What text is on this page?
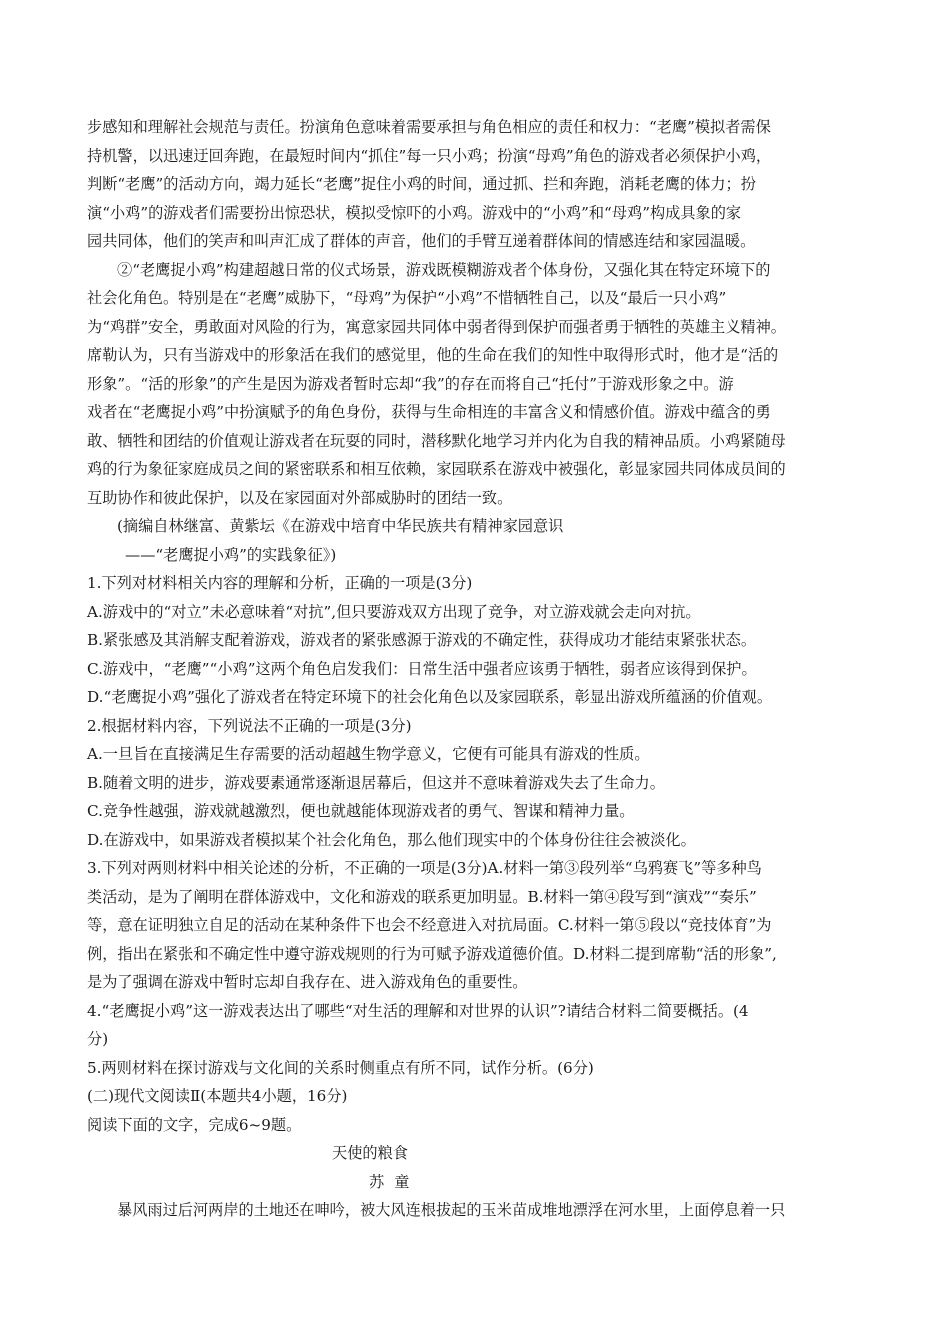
步感知和理解社会规范与责任。扮演角色意味着需要承担与角色相应的责任和权力：“老鹰”模拟者需保

持机警，以迅速迂回奔跑，在最短时间内“抓住”每一只小鸡；扮演“母鸡”角色的游戏者必须保护小鸡，

判断“老鹰”的活动方向，竭力延长“老鹰”捉住小鸡的时间，通过抓、拦和奔跑，消耗老鹰的体力；扮

演“小鸡”的游戏者们需要扮出惊恐状，模拟受惊吓的小鸡。游戏中的“小鸡”和“母鸡”构成具象的家

园共同体，他们的笑声和叫声汇成了群体的声音，他们的手臂互递着群体间的情感连结和家园温暖。

②“老鹰捉小鸡”构建超越日常的仪式场景，游戏既模糊游戏者个体身份，又强化其在特定环境下的

社会化角色。特别是在“老鹰”威胁下，“母鸡”为保护“小鸡”不惜牺牲自己，以及“最后一只小鸡”

为“鸡群”安全，勇敢面对风险的行为，寓意家园共同体中弱者得到保护而强者勇于牺牲的英雄主义精神。

席勒认为，只有当游戏中的形象活在我们的感觉里，他的生命在我们的知性中取得形式时，他才是“活的

形象”。“活的形象”的产生是因为游戏者暂时忘却“我”的存在而将自己“托付”于游戏形象之中。游

戏者在“老鹰捉小鸡”中扮演赋予的角色身份，获得与生命相连的丰富含义和情感价值。游戏中蕴含的勇

敢、牺牲和团结的价值观让游戏者在玩耍的同时，潜移默化地学习并内化为自我的精神品质。小鸡紧随母

鸡的行为象征家庭成员之间的紧密联系和相互依赖，家园联系在游戏中被强化，彰显家园共同体成员间的

互助协作和彼此保护，以及在家园面对外部威胁时的团结一致。

(摘编自林继富、黄紫坛《在游戏中培育中华民族共有精神家园意识

——“老鹰捉小鸡”的实践象征》)

1.下列对材料相关内容的理解和分析，正确的一项是(3分)

A.游戏中的“对立”未必意味着“对抗”,但只要游戏双方出现了竞争，对立游戏就会走向对抗。

B.紧张感及其消解支配着游戏，游戏者的紧张感源于游戏的不确定性，获得成功才能结束紧张状态。

C.游戏中，“老鹰”“小鸡”这两个角色启发我们：日常生活中强者应该勇于牺牲，弱者应该得到保护。

D.“老鹰捉小鸡”强化了游戏者在特定环境下的社会化角色以及家园联系，彰显出游戏所蕴涵的价值观。

2.根据材料内容，下列说法不正确的一项是(3分)

A.一旦旨在直接满足生存需要的活动超越生物学意义，它便有可能具有游戏的性质。

B.随着文明的进步，游戏要素通常逐渐退居幕后，但这并不意味着游戏失去了生命力。

C.竞争性越强，游戏就越激烈，便也就越能体现游戏者的勇气、智谋和精神力量。

D.在游戏中，如果游戏者模拟某个社会化角色，那么他们现实中的个体身份往往会被淡化。

3.下列对两则材料中相关论述的分析，不正确的一项是(3分)A.材料一第③段列举“乌鸦赛飞”等多种鸟

类活动，是为了阐明在群体游戏中，文化和游戏的联系更加明显。B.材料一第④段写到“演戏”“奏乐”

等，意在证明独立自足的活动在某种条件下也会不经意进入对抗局面。C.材料一第⑤段以“竞技体育”为

例，指出在紧张和不确定性中遵守游戏规则的行为可赋予游戏道德价值。D.材料二提到席勒“活的形象”,

是为了强调在游戏中暂时忘却自我存在、进入游戏角色的重要性。

4.“老鹰捉小鸡”这一游戏表达出了哪些“对生活的理解和对世界的认识”?请结合材料二简要概括。(4

分)

5.两则材料在探讨游戏与文化间的关系时侧重点有所不同，试作分析。(6分)

(二)现代文阅读Ⅱ(本题共4小题，16分)

阅读下面的文字，完成6~9题。

天使的粮食

苏童

暴风雨过后河两岸的土地还在呻吟，被大风连根拔起的玉米苗成堆地漂浮在河水里，上面停息着一只
